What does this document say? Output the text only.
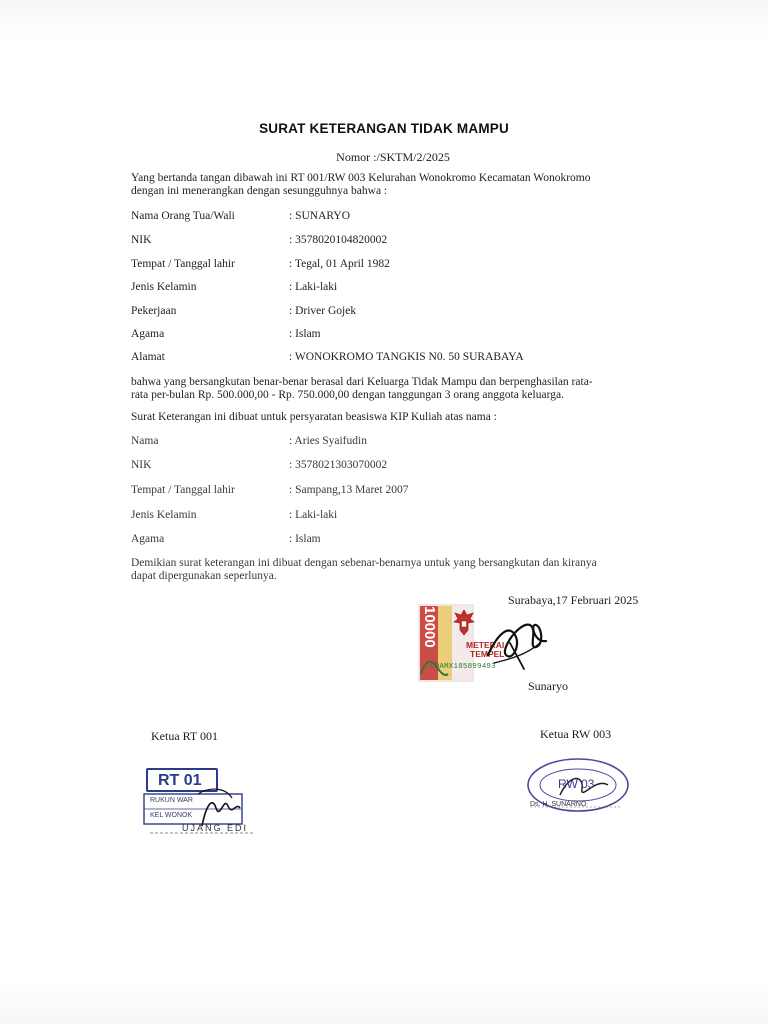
SURAT KETERANGAN TIDAK MAMPU
Nomor :/SKTM/2/2025
Yang bertanda tangan dibawah ini RT 001/RW 003 Kelurahan Wonokromo Kecamatan Wonokromo
dengan ini menerangkan dengan sesungguhnya bahwa :
Nama Orang Tua/Wali	: SUNARYO
NIK	: 3578020104820002
Tempat / Tanggal lahir	: Tegal, 01 April 1982
Jenis Kelamin	: Laki-laki
Pekerjaan	: Driver Gojek
Agama	: Islam
Alamat	: WONOKROMO TANGKIS N0. 50 SURABAYA
bahwa yang bersangkutan benar-benar berasal dari Keluarga Tidak Mampu dan berpenghasilan rata-
rata per-bulan Rp. 500.000,00 - Rp. 750.000,00 dengan tanggungan 3 orang anggota keluarga.
Surat Keterangan ini dibuat untuk persyaratan beasiswa KIP Kuliah atas nama :
Nama	: Aries Syaifudin
NIK	: 3578021303070002
Tempat / Tanggal lahir	: Sampang,13 Maret 2007
Jenis Kelamin	: Laki-laki
Agama	: Islam
Demikian surat keterangan ini dibuat dengan sebenar-benarnya untuk yang bersangkutan dan kiranya
dapat dipergunakan seperlunya.
Surabaya,17 Februari 2025
10000	METERAI
TEMPEL
COAMX185899493
Sunaryo
Ketua RT 001	Ketua RW 003
RT 01
RUKUN WAR
KEL WONOK
UJANG EDI
RW 03
Ds. H. SUNARNO
